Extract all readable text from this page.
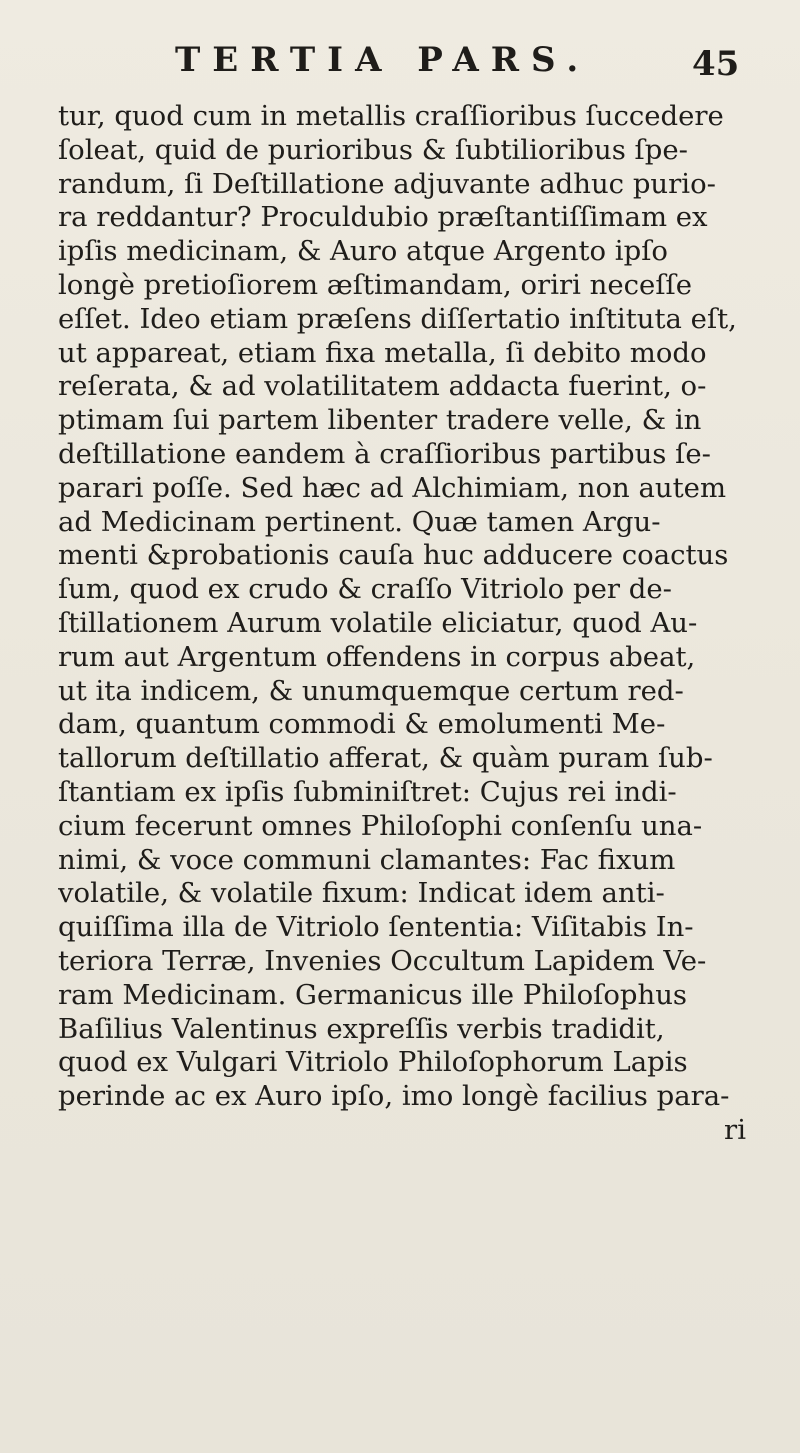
TERTIA PARS.	45
tur, quod cum in metallis craſſioribus ſuccedere
ſoleat, quid de purioribus & ſubtilioribus ſpe-
randum, ſi Deſtillatione adjuvante adhuc purio-
ra reddantur? Proculdubio præſtantiſſimam ex
ipſis medicinam, & Auro atque Argento ipſo
longè pretioſiorem æſtimandam, oriri neceſſe
eſſet. Ideo etiam præſens diſſertatio inſtituta eſt,
ut appareat, etiam fixa metalla, ſi debito modo
reſerata, & ad volatilitatem addacta fuerint, o-
ptimam ſui partem libenter tradere velle, & in
deſtillatione eandem à craſſioribus partibus ſe-
parari poſſe. Sed hæc ad Alchimiam, non autem
ad Medicinam pertinent. Quæ tamen Argu-
menti &probationis cauſa huc adducere coactus
ſum, quod ex crudo & craſſo Vitriolo per de-
ſtillationem Aurum volatile eliciatur, quod Au-
rum aut Argentum offendens in corpus abeat,
ut ita indicem, & unumquemque certum red-
dam, quantum commodi & emolumenti Me-
tallorum deſtillatio afferat, & quàm puram ſub-
ſtantiam ex ipſis ſubminiſtret: Cujus rei indi-
cium fecerunt omnes Philoſophi conſenſu una-
nimi, & voce communi clamantes: Fac fixum
volatile, & volatile fixum: Indicat idem anti-
quiſſima illa de Vitriolo ſententia: Viſitabis In-
teriora Terræ, Invenies Occultum Lapidem Ve-
ram Medicinam. Germanicus ille Philoſophus
Baſilius Valentinus expreſſis verbis tradidit,
quod ex Vulgari Vitriolo Philoſophorum Lapis
perinde ac ex Auro ipſo, imo longè facilius para-
ri
